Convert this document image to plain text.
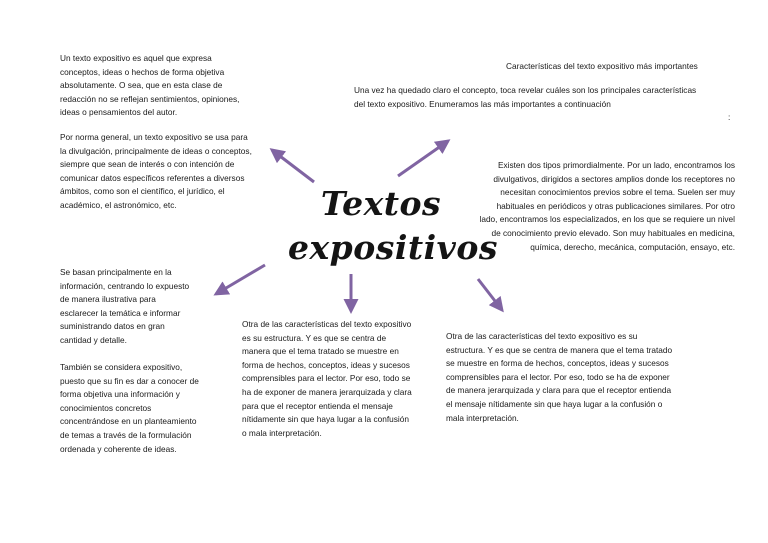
Textos
expositivos

Un texto expositivo es aquel que expresa conceptos, ideas o hechos de forma objetiva absolutamente. O sea, que en esta clase de redacción no se reflejan sentimientos, opiniones, ideas o pensamientos del autor.

Por norma general, un texto expositivo se usa para la divulgación, principalmente de ideas o conceptos, siempre que sean de interés o con intención de comunicar datos específicos referentes a diversos ámbitos, como son el científico, el jurídico, el académico, el astronómico, etc.

Características del texto expositivo más importantes

Una vez ha quedado claro el concepto, toca revelar cuáles son los principales características del texto expositivo. Enumeramos las más importantes a continuación

:

Existen dos tipos primordialmente. Por un lado, encontramos los divulgativos, dirigidos a sectores amplios donde los receptores no necesitan conocimientos previos sobre el tema. Suelen ser muy habituales en periódicos y otras publicaciones similares. Por otro lado, encontramos los especializados, en los que se requiere un nivel de conocimiento previo elevado. Son muy habituales en medicina, química, derecho, mecánica, computación, ensayo, etc.

Se basan principalmente en la información, centrando lo expuesto de manera ilustrativa para esclarecer la temática e informar suministrando datos en gran cantidad y detalle.

También se considera expositivo, puesto que su fin es dar a conocer de forma objetiva una información y conocimientos concretos concentrándose en un planteamiento de temas a través de la formulación ordenada y coherente de ideas.

Otra de las características del texto expositivo es su estructura. Y es que se centra de manera que el tema tratado se muestre en forma de hechos, conceptos, ideas y sucesos comprensibles para el lector. Por eso, todo se ha de exponer de manera jerarquizada y clara para que el receptor entienda el mensaje nítidamente sin que haya lugar a la confusión o mala interpretación.

Otra de las características del texto expositivo es su estructura. Y es que se centra de manera que el tema tratado se muestre en forma de hechos, conceptos, ideas y sucesos comprensibles para el lector. Por eso, todo se ha de exponer de manera jerarquizada y clara para que el receptor entienda el mensaje nítidamente sin que haya lugar a la confusión o mala interpretación.
